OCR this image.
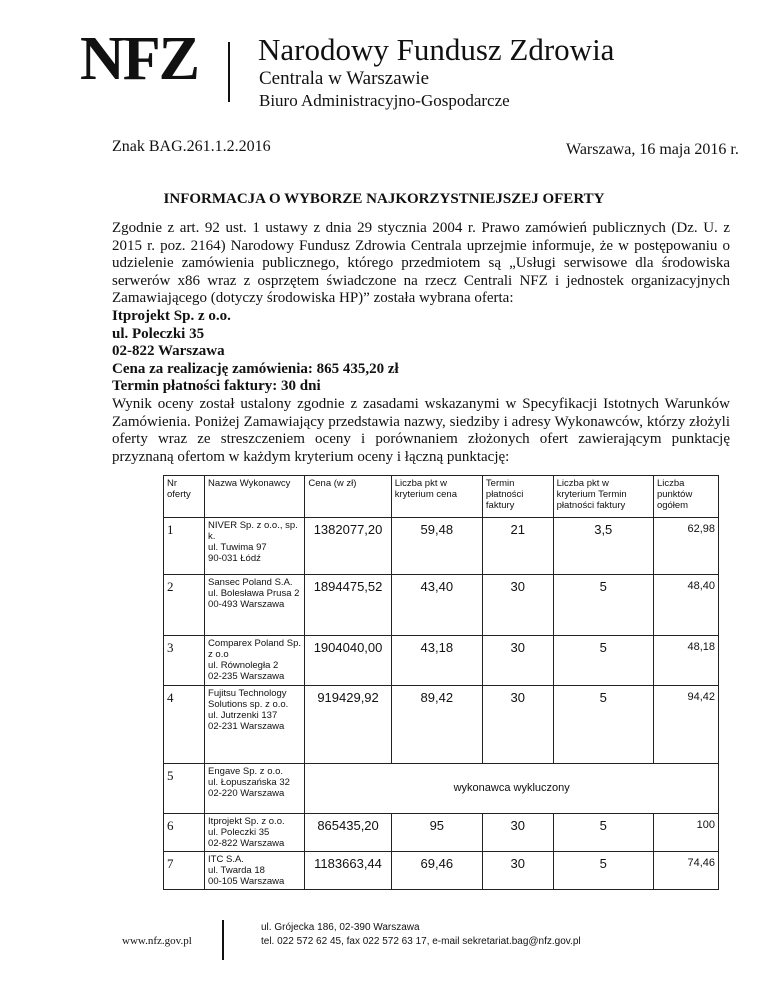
NFZ Narodowy Fundusz Zdrowia
Centrala w Warszawie
Biuro Administracyjno-Gospodarcze
Znak BAG.261.1.2.2016	Warszawa, 16 maja 2016 r.
INFORMACJA O WYBORZE NAJKORZYSTNIEJSZEJ OFERTY

Zgodnie z art. 92 ust. 1 ustawy z dnia 29 stycznia 2004 r. Prawo zamówień publicznych (Dz. U. z 2015 r. poz. 2164) Narodowy Fundusz Zdrowia Centrala uprzejmie informuje, że w postępowaniu o udzielenie zamówienia publicznego, którego przedmiotem są „Usługi serwisowe dla środowiska serwerów x86 wraz z osprzętem świadczone na rzecz Centrali NFZ i jednostek organizacyjnych Zamawiającego (dotyczy środowiska HP)” została wybrana oferta:

Itprojekt Sp. z o.o.

ul. Poleczki 35

02-822 Warszawa

Cena za realizację zamówienia: 865 435,20 zł

Termin płatności faktury: 30 dni

Wynik oceny został ustalony zgodnie z zasadami wskazanymi w Specyfikacji Istotnych Warunków Zamówienia. Poniżej Zamawiający przedstawia nazwy, siedziby i adresy Wykonawców, którzy złożyli oferty wraz ze streszczeniem oceny i porównaniem złożonych ofert zawierającym punktację przyznaną ofertom w każdym kryterium oceny i łączną punktację:

Nr oferty	Nazwa Wykonawcy	Cena (w zł)	Liczba pkt w kryterium cena	Termin płatności faktury	Liczba pkt w kryterium Termin płatności faktury	Liczba punktów ogółem
1	NIVER Sp. z o.o., sp. k.
ul. Tuwima 97
90-031 Łódź	1382077,20	59,48	21	3,5	62,98
2	Sansec Poland S.A.
ul. Bolesława Prusa 2
00-493 Warszawa	1894475,52	43,40	30	5	48,40
3	Comparex Poland Sp. z o.o
ul. Równoległa 2
02-235 Warszawa	1904040,00	43,18	30	5	48,18
4	Fujitsu Technology Solutions sp. z o.o.
ul. Jutrzenki 137
02-231 Warszawa	919429,92	89,42	30	5	94,42
5	Engave Sp. z o.o.
ul. Łopuszańska 32
02-220 Warszawa	wykonawca wykluczony				
6	Itprojekt Sp. z o.o.
ul. Poleczki 35
02-822 Warszawa	865435,20	95	30	5	100
7	ITC S.A.
ul. Twarda 18
00-105 Warszawa	1183663,44	69,46	30	5	74,46
www.nfz.gov.pl
ul. Grójecka 186, 02-390 Warszawa
tel. 022 572 62 45, fax 022 572 63 17, e-mail sekretariat.bag@nfz.gov.pl
